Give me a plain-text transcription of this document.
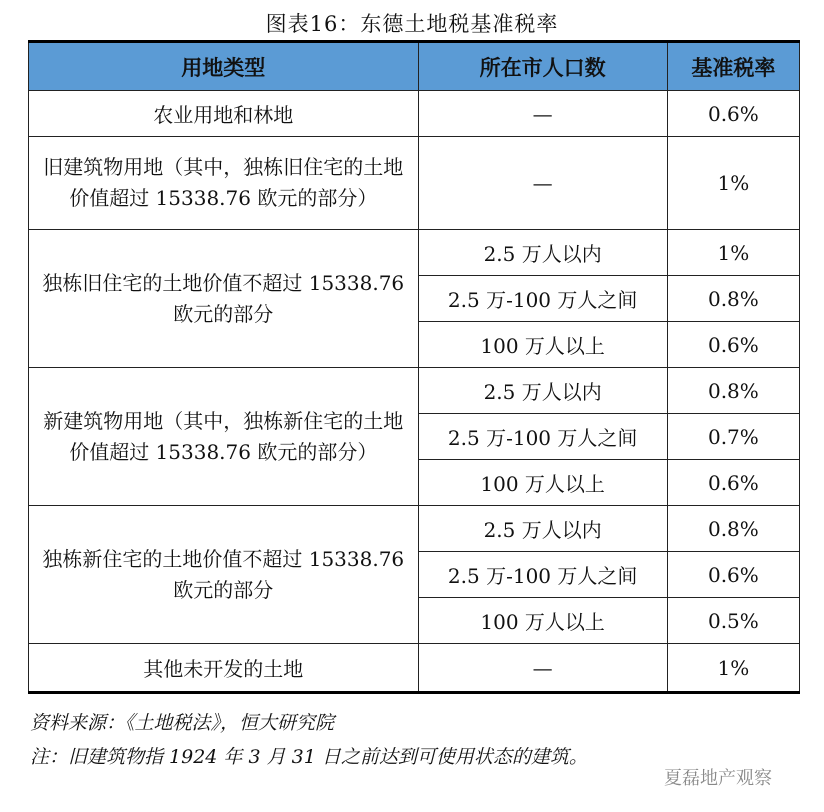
图表16：东德土地税基准税率
用地类型	所在市人口数	基准税率
农业用地和林地	—	0.6%
旧建筑物用地（其中，独栋旧住宅的土地价值超过 15338.76 欧元的部分）	—	1%
独栋旧住宅的土地价值不超过 15338.76 欧元的部分	2.5 万人以内	1%
	2.5 万-100 万人之间	0.8%
	100 万人以上	0.6%
新建筑物用地（其中，独栋新住宅的土地价值超过 15338.76 欧元的部分）	2.5 万人以内	0.8%
	2.5 万-100 万人之间	0.7%
	100 万人以上	0.6%
独栋新住宅的土地价值不超过 15338.76 欧元的部分	2.5 万人以内	0.8%
	2.5 万-100 万人之间	0.6%
	100 万人以上	0.5%
其他未开发的土地	—	1%
资料来源：《土地税法》，恒大研究院
注：旧建筑物指 1924 年 3 月 31 日之前达到可使用状态的建筑。
夏磊地产观察
